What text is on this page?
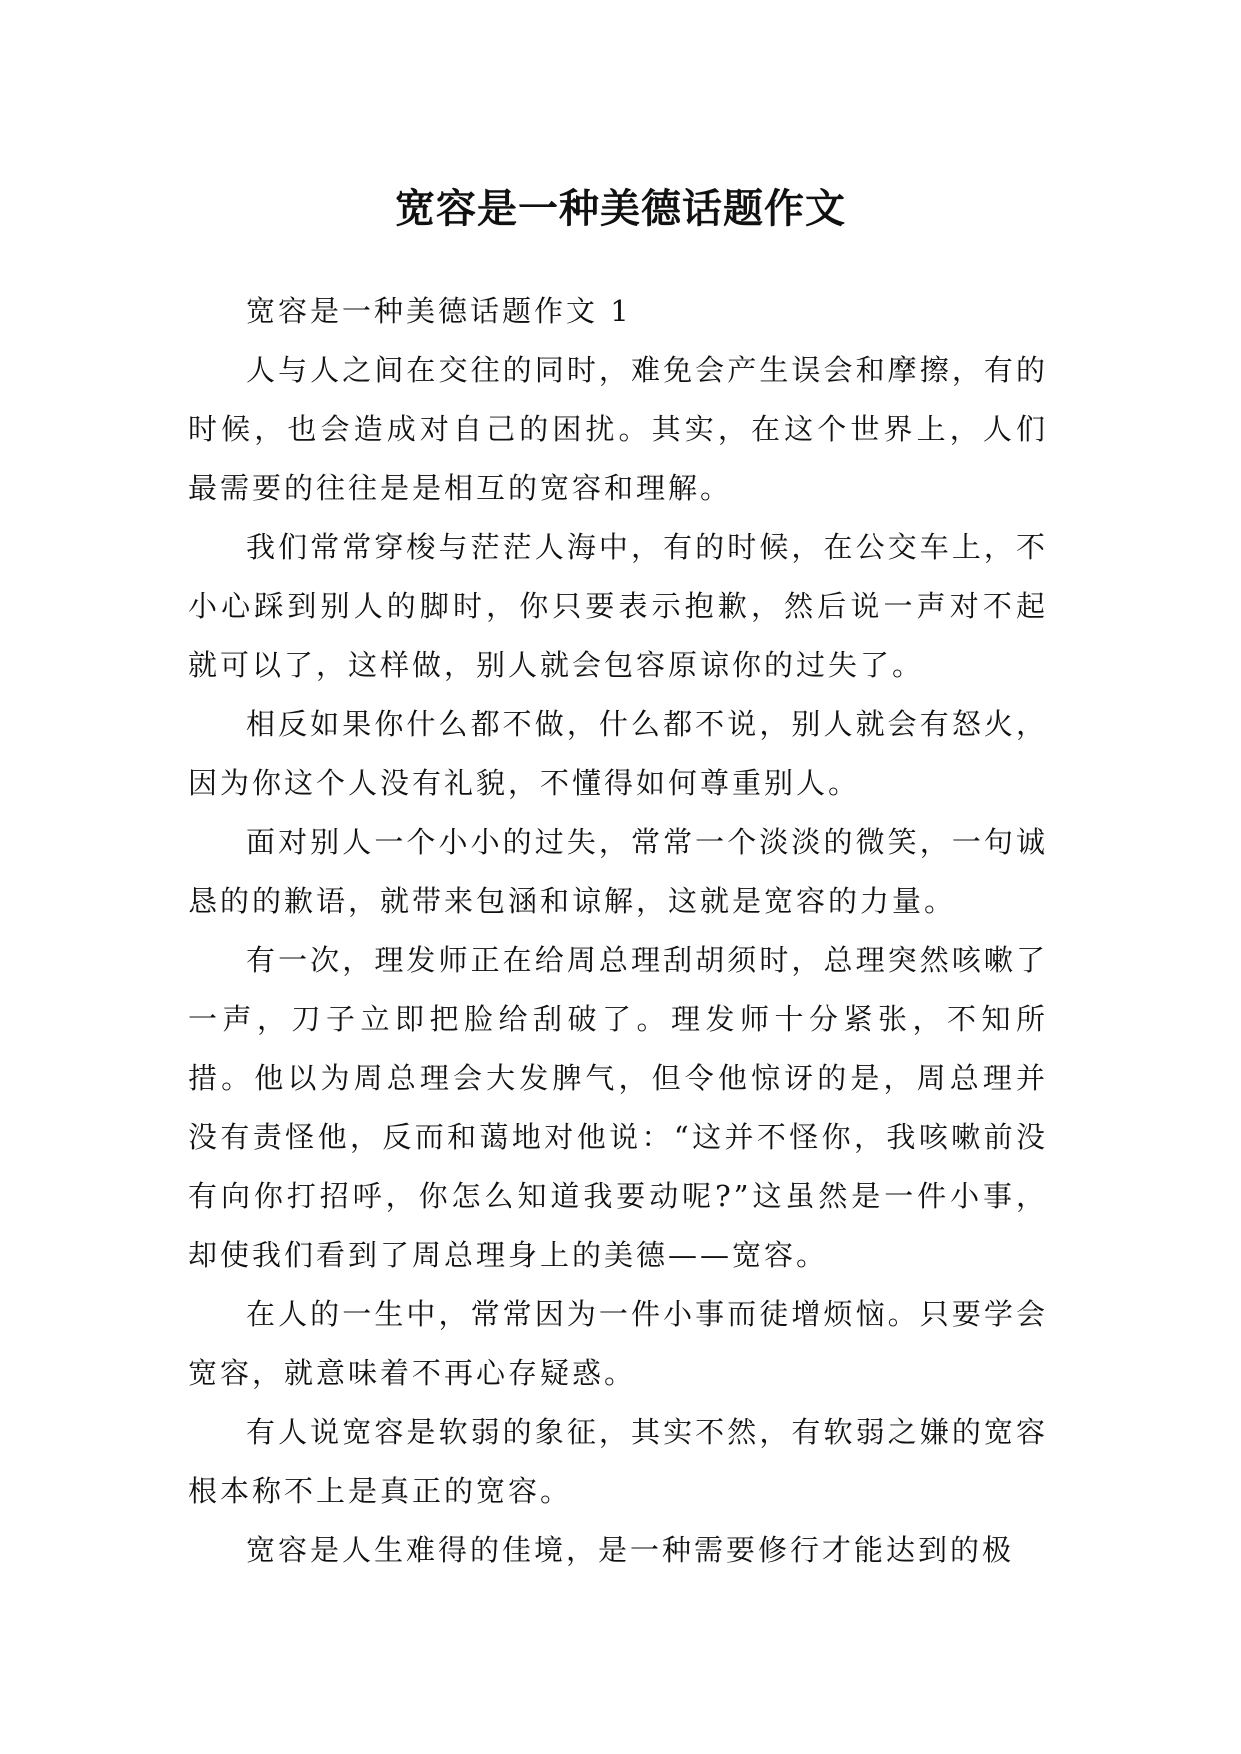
宽容是一种美德话题作文

宽容是一种美德话题作文 1

人与人之间在交往的同时，难免会产生误会和摩擦，有的时候，也会造成对自己的困扰。其实，在这个世界上，人们最需要的往往是是相互的宽容和理解。

我们常常穿梭与茫茫人海中，有的时候，在公交车上，不小心踩到别人的脚时，你只要表示抱歉，然后说一声对不起就可以了，这样做，别人就会包容原谅你的过失了。

相反如果你什么都不做，什么都不说，别人就会有怒火，因为你这个人没有礼貌，不懂得如何尊重别人。

面对别人一个小小的过失，常常一个淡淡的微笑，一句诚恳的的歉语，就带来包涵和谅解，这就是宽容的力量。

有一次，理发师正在给周总理刮胡须时，总理突然咳嗽了一声，刀子立即把脸给刮破了。理发师十分紧张，不知所措。他以为周总理会大发脾气，但令他惊讶的是，周总理并没有责怪他，反而和蔼地对他说：“这并不怪你，我咳嗽前没有向你打招呼，你怎么知道我要动呢?”这虽然是一件小事，却使我们看到了周总理身上的美德——宽容。

在人的一生中，常常因为一件小事而徒增烦恼。只要学会宽容，就意味着不再心存疑惑。

有人说宽容是软弱的象征，其实不然，有软弱之嫌的宽容根本称不上是真正的宽容。

宽容是人生难得的佳境，是一种需要修行才能达到的极
